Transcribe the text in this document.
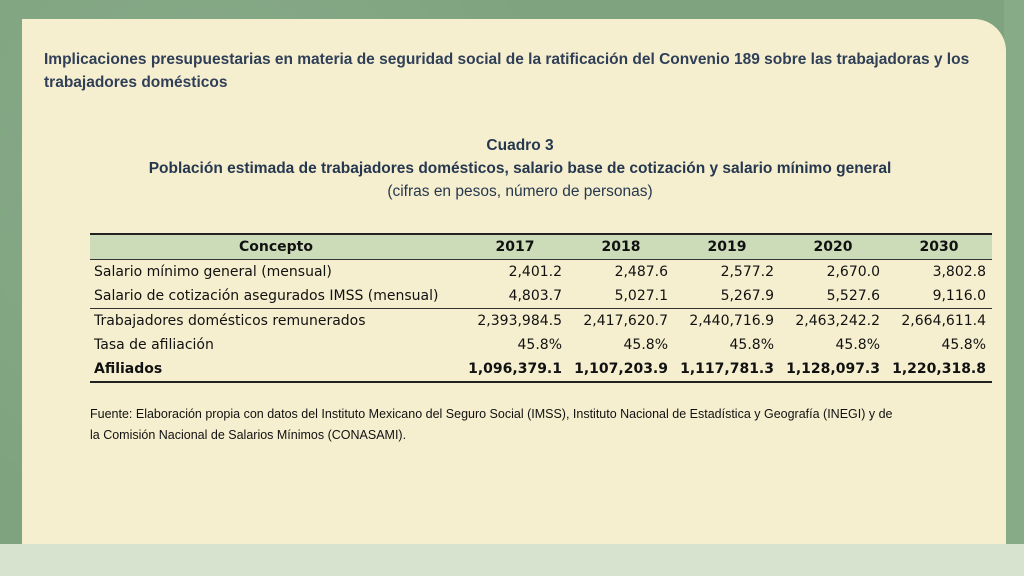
Implicaciones presupuestarias en materia de seguridad social de la ratificación del Convenio 189 sobre las trabajadoras y los trabajadores domésticos
Cuadro 3
Población estimada de trabajadores domésticos, salario base de cotización y salario mínimo general
(cifras en pesos, número de personas)
Concepto	2017	2018	2019	2020	2030
Salario mínimo general (mensual)	2,401.2	2,487.6	2,577.2	2,670.0	3,802.8
Salario de cotización asegurados IMSS (mensual)	4,803.7	5,027.1	5,267.9	5,527.6	9,116.0
Trabajadores domésticos remunerados	2,393,984.5	2,417,620.7	2,440,716.9	2,463,242.2	2,664,611.4
Tasa de afiliación	45.8%	45.8%	45.8%	45.8%	45.8%
Afiliados	1,096,379.1	1,107,203.9	1,117,781.3	1,128,097.3	1,220,318.8
Fuente: Elaboración propia con datos del Instituto Mexicano del Seguro Social (IMSS), Instituto Nacional de Estadística y Geografía (INEGI) y de
la Comisión Nacional de Salarios Mínimos (CONASAMI).
